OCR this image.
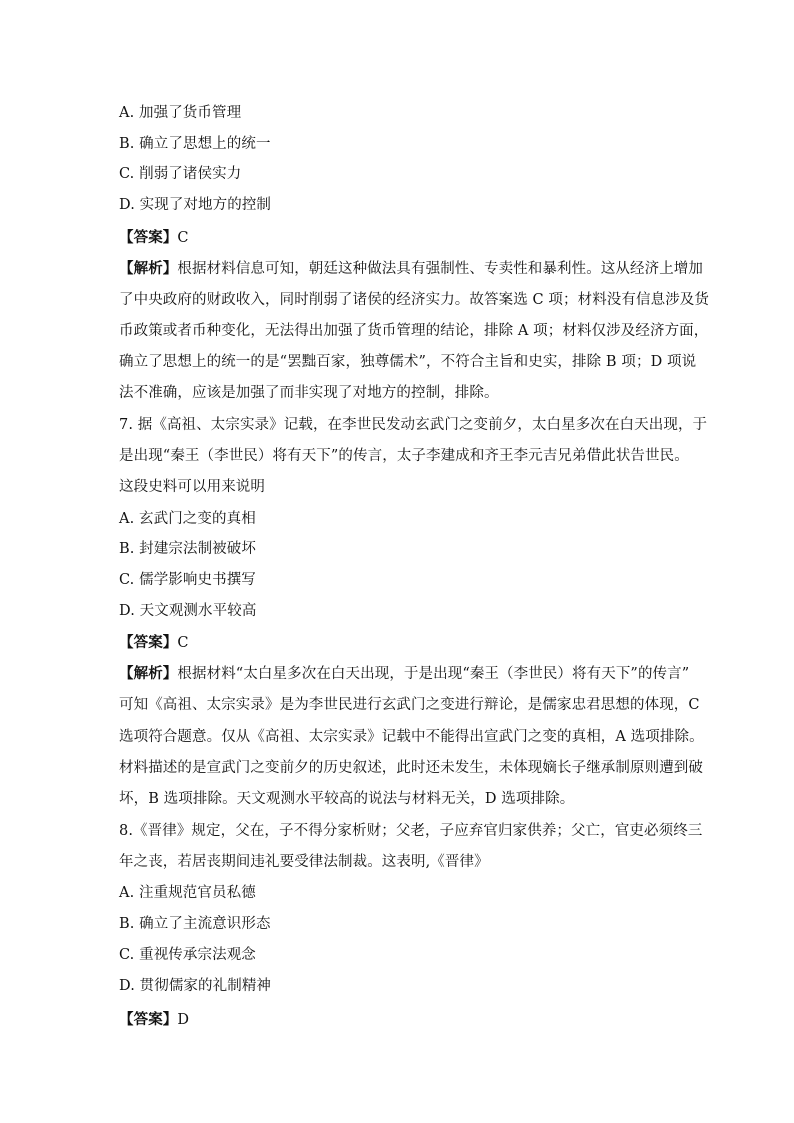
A. 加强了货币管理
B. 确立了思想上的统一
C. 削弱了诸侯实力
D. 实现了对地方的控制
【答案】C
【解析】根据材料信息可知，朝廷这种做法具有强制性、专卖性和暴利性。这从经济上增加
了中央政府的财政收入，同时削弱了诸侯的经济实力。故答案选 C 项；材料没有信息涉及货
币政策或者币种变化，无法得出加强了货币管理的结论，排除 A 项；材料仅涉及经济方面，
确立了思想上的统一的是“罢黜百家，独尊儒术”，不符合主旨和史实，排除 B 项；D 项说
法不准确，应该是加强了而非实现了对地方的控制，排除。
7. 据《高祖、太宗实录》记载，在李世民发动玄武门之变前夕，太白星多次在白天出现，于
是出现“秦王（李世民）将有天下”的传言，太子李建成和齐王李元吉兄弟借此状告世民。
这段史料可以用来说明
A. 玄武门之变的真相
B. 封建宗法制被破坏
C. 儒学影响史书撰写
D. 天文观测水平较高
【答案】C
【解析】根据材料“太白星多次在白天出现，于是出现“秦王（李世民）将有天下”的传言”
可知《高祖、太宗实录》是为李世民进行玄武门之变进行辩论，是儒家忠君思想的体现，C
选项符合题意。仅从《高祖、太宗实录》记载中不能得出宣武门之变的真相，A 选项排除。
材料描述的是宣武门之变前夕的历史叙述，此时还未发生，未体现嫡长子继承制原则遭到破
坏，B 选项排除。天文观测水平较高的说法与材料无关，D 选项排除。
8.《晋律》规定，父在，子不得分家析财；父老，子应弃官归家供养；父亡，官吏必须终三
年之丧，若居丧期间违礼要受律法制裁。这表明,《晋律》
A. 注重规范官员私德
B. 确立了主流意识形态
C. 重视传承宗法观念
D. 贯彻儒家的礼制精神
【答案】D
